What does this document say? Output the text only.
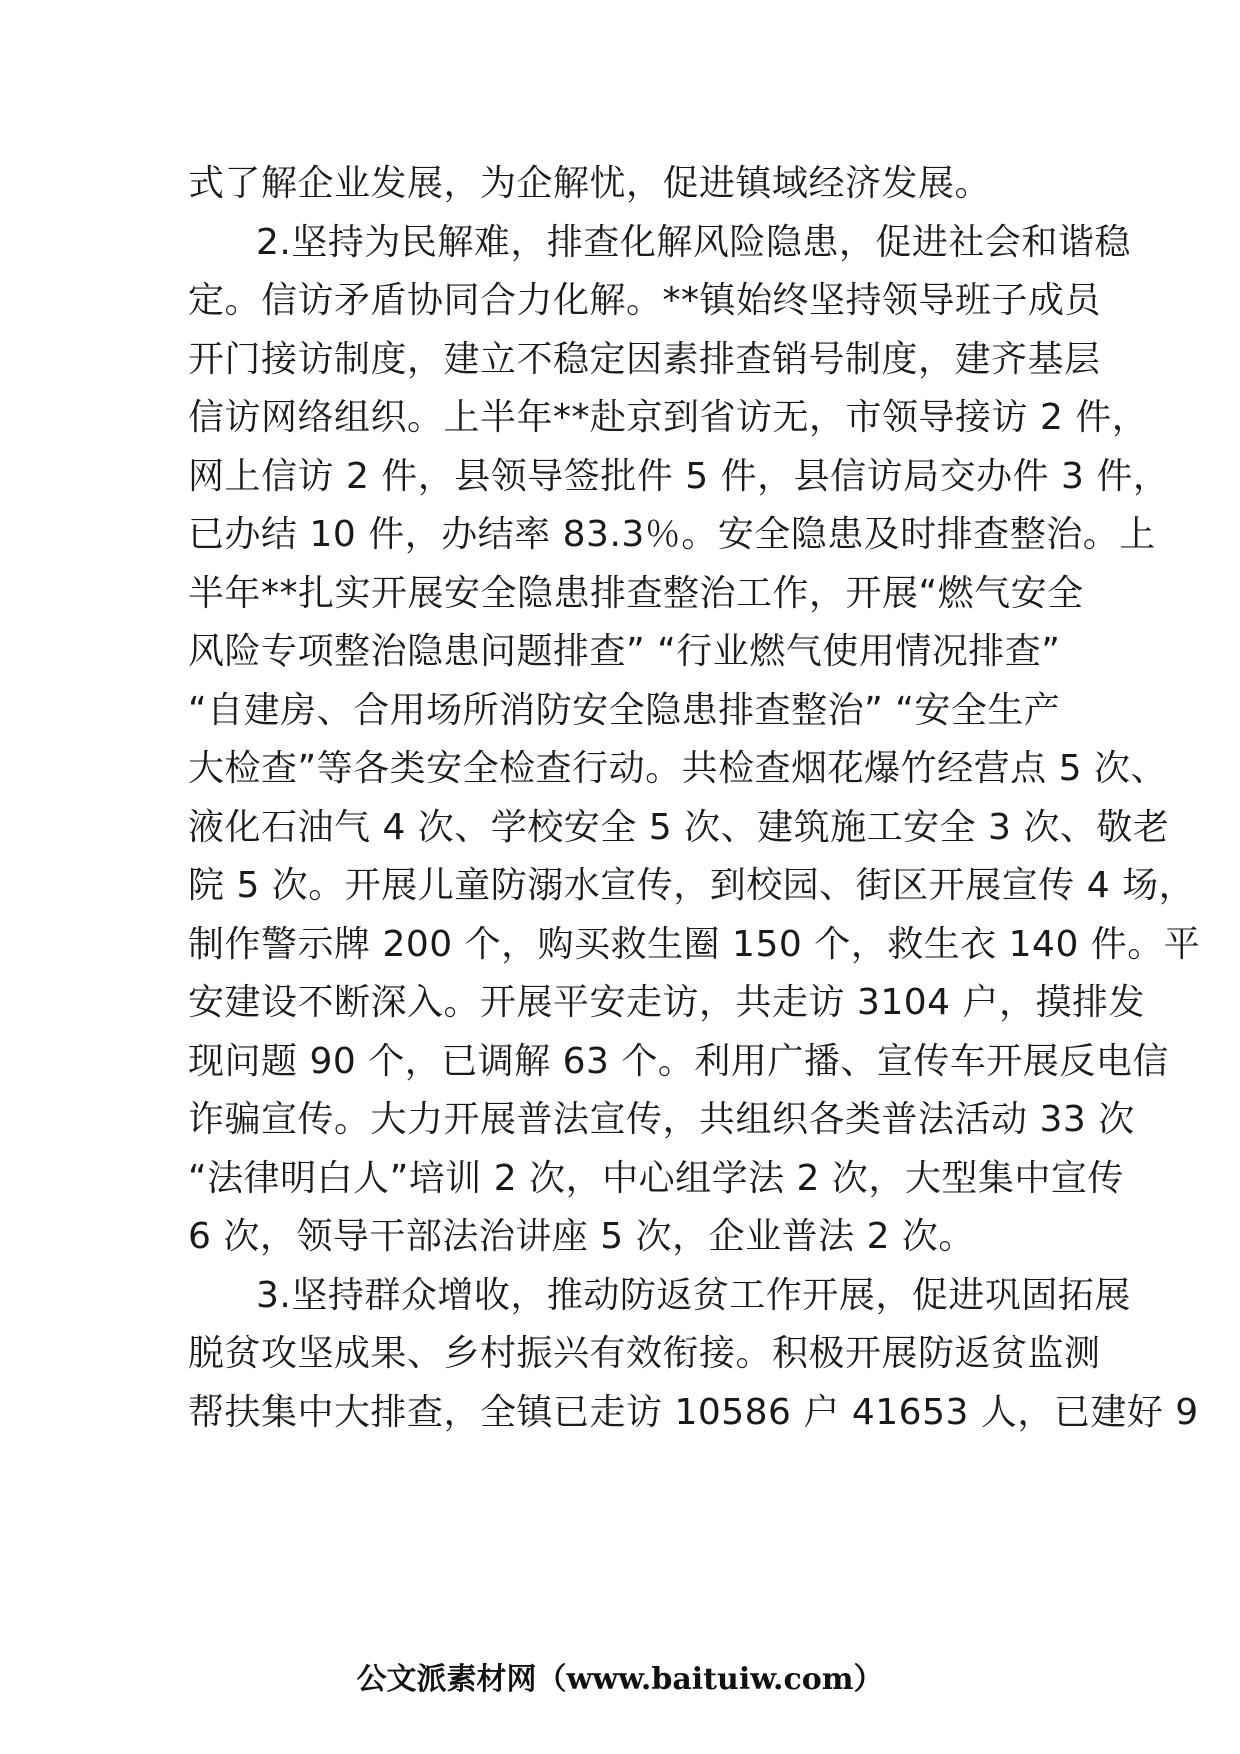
式了解企业发展，为企解忧，促进镇域经济发展。
2.坚持为民解难，排查化解风险隐患，促进社会和谐稳
定。信访矛盾协同合力化解。**镇始终坚持领导班子成员
开门接访制度，建立不稳定因素排查销号制度，建齐基层
信访网络组织。上半年**赴京到省访无，市领导接访 2 件，
网上信访 2 件，县领导签批件 5 件，县信访局交办件 3 件，
已办结 10 件，办结率 83.3％。安全隐患及时排查整治。上
半年**扎实开展安全隐患排查整治工作，开展“燃气安全
风险专项整治隐患问题排查” “行业燃气使用情况排查”
“自建房、合用场所消防安全隐患排查整治” “安全生产
大检查”等各类安全检查行动。共检查烟花爆竹经营点 5 次、
液化石油气 4 次、学校安全 5 次、建筑施工安全 3 次、敬老
院 5 次。开展儿童防溺水宣传，到校园、街区开展宣传 4 场，
制作警示牌 200 个，购买救生圈 150 个，救生衣 140 件。平
安建设不断深入。开展平安走访，共走访 3104 户，摸排发
现问题 90 个，已调解 63 个。利用广播、宣传车开展反电信
诈骗宣传。大力开展普法宣传，共组织各类普法活动 33 次
“法律明白人”培训 2 次，中心组学法 2 次，大型集中宣传
6 次，领导干部法治讲座 5 次，企业普法 2 次。
3.坚持群众增收，推动防返贫工作开展，促进巩固拓展
脱贫攻坚成果、乡村振兴有效衔接。积极开展防返贫监测
帮扶集中大排查，全镇已走访 10586 户 41653 人，已建好 9
公文派素材网（www.baituiw.com）
